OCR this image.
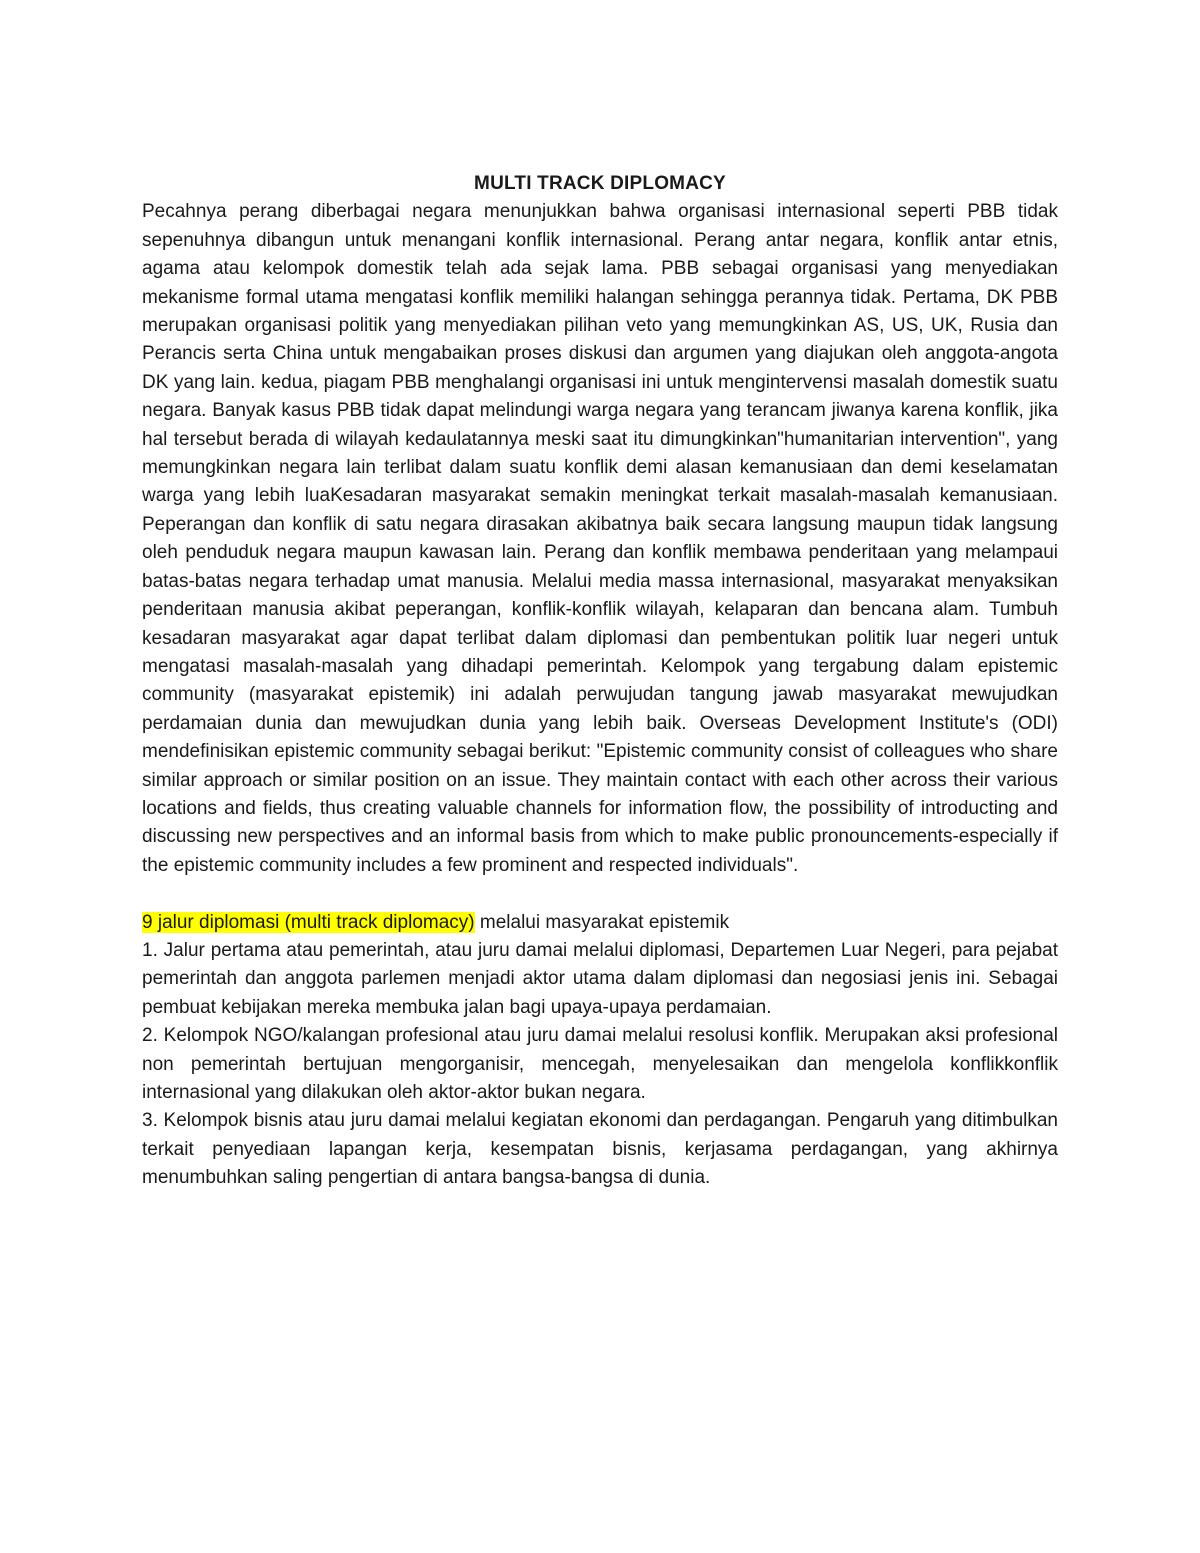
MULTI TRACK DIPLOMACY

Pecahnya perang diberbagai negara menunjukkan bahwa organisasi internasional seperti PBB tidak sepenuhnya dibangun untuk menangani konflik internasional. Perang antar negara, konflik antar etnis, agama atau kelompok domestik telah ada sejak lama. PBB sebagai organisasi yang menyediakan mekanisme formal utama mengatasi konflik memiliki halangan sehingga perannya tidak. Pertama, DK PBB merupakan organisasi politik yang menyediakan pilihan veto yang memungkinkan AS, US, UK, Rusia dan Perancis serta China untuk mengabaikan proses diskusi dan argumen yang diajukan oleh anggota-angota DK yang lain. kedua, piagam PBB menghalangi organisasi ini untuk mengintervensi masalah domestik suatu negara. Banyak kasus PBB tidak dapat melindungi warga negara yang terancam jiwanya karena konflik, jika hal tersebut berada di wilayah kedaulatannya meski saat itu dimungkinkan"humanitarian intervention", yang memungkinkan negara lain terlibat dalam suatu konflik demi alasan kemanusiaan dan demi keselamatan warga yang lebih luaKesadaran masyarakat semakin meningkat terkait masalah-masalah kemanusiaan. Peperangan dan konflik di satu negara dirasakan akibatnya baik secara langsung maupun tidak langsung oleh penduduk negara maupun kawasan lain. Perang dan konflik membawa penderitaan yang melampaui batas-batas negara terhadap umat manusia. Melalui media massa internasional, masyarakat menyaksikan penderitaan manusia akibat peperangan, konflik-konflik wilayah, kelaparan dan bencana alam. Tumbuh kesadaran masyarakat agar dapat terlibat dalam diplomasi dan pembentukan politik luar negeri untuk mengatasi masalah-masalah yang dihadapi pemerintah. Kelompok yang tergabung dalam epistemic community (masyarakat epistemik) ini adalah perwujudan tangung jawab masyarakat mewujudkan perdamaian dunia dan mewujudkan dunia yang lebih baik. Overseas Development Institute's (ODI) mendefinisikan epistemic community sebagai berikut: "Epistemic community consist of colleagues who share similar approach or similar position on an issue. They maintain contact with each other across their various locations and fields, thus creating valuable channels for information flow, the possibility of introducting and discussing new perspectives and an informal basis from which to make public pronouncements-especially if the epistemic community includes a few prominent and respected individuals".

9 jalur diplomasi (multi track diplomacy) melalui masyarakat epistemik

1. Jalur pertama atau pemerintah, atau juru damai melalui diplomasi, Departemen Luar Negeri, para pejabat pemerintah dan anggota parlemen menjadi aktor utama dalam diplomasi dan negosiasi jenis ini. Sebagai pembuat kebijakan mereka membuka jalan bagi upaya-upaya perdamaian.

2. Kelompok NGO/kalangan profesional atau juru damai melalui resolusi konflik. Merupakan aksi profesional non pemerintah bertujuan mengorganisir, mencegah, menyelesaikan dan mengelola konflikkonflik internasional yang dilakukan oleh aktor-aktor bukan negara.

3. Kelompok bisnis atau juru damai melalui kegiatan ekonomi dan perdagangan. Pengaruh yang ditimbulkan terkait penyediaan lapangan kerja, kesempatan bisnis, kerjasama perdagangan, yang akhirnya menumbuhkan saling pengertian di antara bangsa-bangsa di dunia.
